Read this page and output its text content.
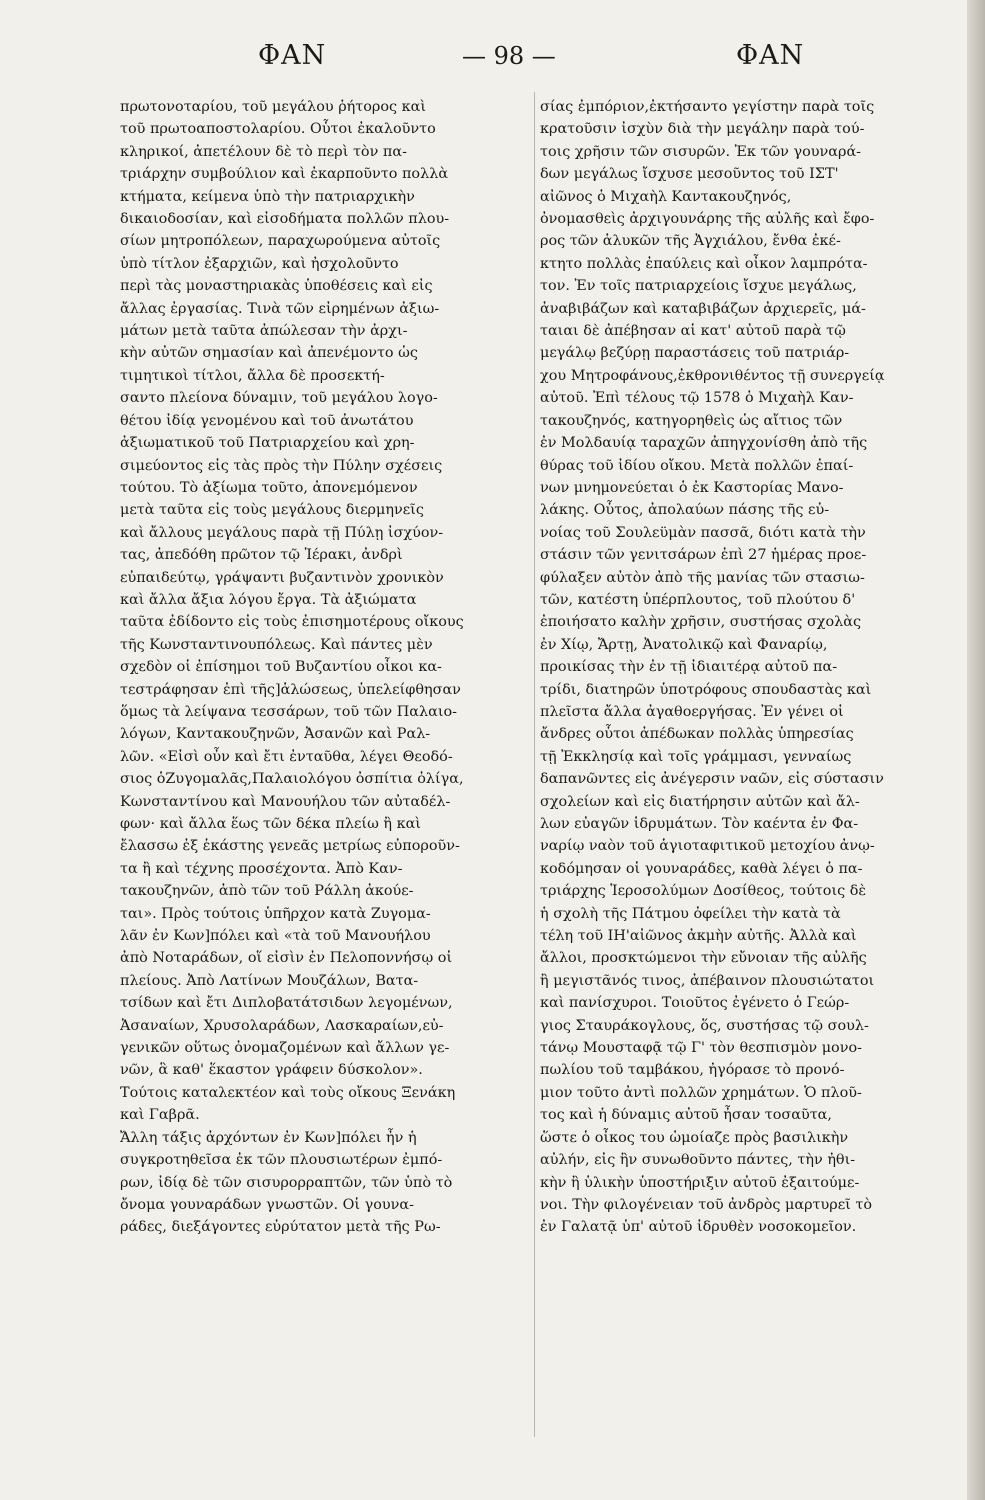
ΦΑΝ	— 98 —	ΦΑΝ
πρωτονοταρίου, τοῦ μεγάλου ῥήτορος καὶ
τοῦ πρωτοαποστολαρίου. Οὗτοι ἐκαλοῦντο
κληρικοί, ἀπετέλουν δὲ τὸ περὶ τὸν πα-
τριάρχην συμβούλιον καὶ ἐκαρποῦντο πολλὰ
κτήματα, κείμενα ὑπὸ τὴν πατριαρχικὴν
δικαιοδοσίαν, καὶ εἰσοδήματα πολλῶν πλου-
σίων μητροπόλεων, παραχωρούμενα αὐτοῖς
ὑπὸ τίτλον ἐξαρχιῶν, καὶ ἠσχολοῦντο
περὶ τὰς μοναστηριακὰς ὑποθέσεις καὶ εἰς
ἄλλας ἐργασίας. Τινὰ τῶν εἰρημένων ἀξιω-
μάτων μετὰ ταῦτα ἀπώλεσαν τὴν ἀρχι-
κὴν αὐτῶν σημασίαν καὶ ἀπενέμοντο ὡς
τιμητικοὶ τίτλοι, ἄλλα δὲ προσεκτή-
σαντο πλείονα δύναμιν, τοῦ μεγάλου λογο-
θέτου ἰδίᾳ γενομένου καὶ τοῦ ἀνωτάτου
ἀξιωματικοῦ τοῦ Πατριαρχείου καὶ χρη-
σιμεύοντος εἰς τὰς πρὸς τὴν Πύλην σχέσεις
τούτου. Τὸ ἀξίωμα τοῦτο, ἀπονεμόμενον
μετὰ ταῦτα εἰς τοὺς μεγάλους διερμηνεῖς
καὶ ἄλλους μεγάλους παρὰ τῇ Πύλῃ ἰσχύον-
τας, ἀπεδόθη πρῶτον τῷ Ἱέρακι, ἀνδρὶ
εὐπαιδεύτῳ, γράψαντι βυζαντινὸν χρονικὸν
καὶ ἄλλα ἄξια λόγου ἔργα. Τὰ ἀξιώματα
ταῦτα ἐδίδοντο εἰς τοὺς ἐπισημοτέρους οἴκους
τῆς Κωνσταντινουπόλεως. Καὶ πάντες μὲν
σχεδὸν οἱ ἐπίσημοι τοῦ Βυζαντίου οἶκοι κα-
τεστράφησαν ἐπὶ τῆς]ἁλώσεως, ὑπελείφθησαν
ὅμως τὰ λείψανα τεσσάρων, τοῦ τῶν Παλαιο-
λόγων, Καντακουζηνῶν, Ἀσανῶν καὶ Ραλ-
λῶν. «Εἰσὶ οὖν καὶ ἔτι ἐνταῦθα, λέγει Θεοδό-
σιος ὁΖυγομαλᾶς,Παλαιολόγου ὀσπίτια ὀλίγα,
Κωνσταντίνου καὶ Μανουήλου τῶν αὐταδέλ-
φων· καὶ ἄλλα ἕως τῶν δέκα πλείω ἢ καὶ
ἔλασσω ἐξ ἑκάστης γενεᾶς μετρίως εὐποροῦν-
τα ἢ καὶ τέχνης προσέχοντα. Ἀπὸ Καν-
τακουζηνῶν, ἀπὸ τῶν τοῦ Ράλλη ἀκούε-
ται». Πρὸς τούτοις ὑπῆρχον κατὰ Ζυγομα-
λᾶν ἐν Κων]πόλει καὶ «τὰ τοῦ Μανουήλου
ἀπὸ Νοταράδων, οἵ εἰσὶν ἐν Πελοποννήσῳ οἱ
πλείους. Ἀπὸ Λατίνων Μουζάλων, Βατα-
τσίδων καὶ ἔτι Διπλοβατάτσιδων λεγομένων,
Ἀσαναίων, Χρυσολαράδων, Λασκαραίων,εὐ-
γενικῶν οὕτως ὀνομαζομένων καὶ ἄλλων γε-
νῶν, ἃ καθ' ἕκαστον γράφειν δύσκολον».
Τούτοις καταλεκτέον καὶ τοὺς οἴκους Ξενάκη
καὶ Γαβρᾶ.
Ἄλλη τάξις ἀρχόντων ἐν Κων]πόλει ἦν ἡ
συγκροτηθεῖσα ἐκ τῶν πλουσιωτέρων ἐμπό-
ρων, ἰδίᾳ δὲ τῶν σισυρορραπτῶν, τῶν ὑπὸ τὸ
ὄνομα γουναράδων γνωστῶν. Οἱ γουνα-
ράδες, διεξάγοντες εὐρύτατον μετὰ τῆς Ρω-
σίας ἐμπόριον,ἐκτήσαντο γεγίστην παρὰ τοῖς
κρατοῦσιν ἰσχὺν διὰ τὴν μεγάλην παρὰ τού-
τοις χρῆσιν τῶν σισυρῶν. Ἐκ τῶν γουναρά-
δων μεγάλως ἴσχυσε μεσοῦντος τοῦ ΙΣΤ'
αἰῶνος ὁ Μιχαὴλ Καντακουζηνός,
ὀνομασθεὶς ἀρχιγουνάρης τῆς αὐλῆς καὶ ἔφο-
ρος τῶν ἁλυκῶν τῆς Ἀγχιάλου, ἔνθα ἐκέ-
κτητο πολλὰς ἐπαύλεις καὶ οἶκον λαμπρότα-
τον. Ἐν τοῖς πατριαρχείοις ἴσχυε μεγάλως,
ἀναβιβάζων καὶ καταβιβάζων ἀρχιερεῖς, μά-
ταιαι δὲ ἀπέβησαν αἱ κατ' αὐτοῦ παρὰ τῷ
μεγάλῳ βεζύρῃ παραστάσεις τοῦ πατριάρ-
χου Μητροφάνους,ἐκθρονιθέντος τῇ συνεργείᾳ
αὐτοῦ. Ἐπὶ τέλους τῷ 1578 ὁ Μιχαὴλ Καν-
τακουζηνός, κατηγορηθεὶς ὡς αἴτιος τῶν
ἐν Μολδαυίᾳ ταραχῶν ἀπηγχονίσθη ἀπὸ τῆς
θύρας τοῦ ἰδίου οἴκου. Μετὰ πολλῶν ἐπαί-
νων μνημονεύεται ὁ ἐκ Καστορίας Μανο-
λάκης. Οὗτος, ἀπολαύων πάσης τῆς εὐ-
νοίας τοῦ Σουλεϋμὰν πασσᾶ, διότι κατὰ τὴν
στάσιν τῶν γενιτσάρων ἐπὶ 27 ἡμέρας προε-
φύλαξεν αὐτὸν ἀπὸ τῆς μανίας τῶν στασιω-
τῶν, κατέστη ὑπέρπλουτος, τοῦ πλούτου δ'
ἐποιήσατο καλὴν χρῆσιν, συστήσας σχολὰς
ἐν Χίῳ, Ἄρτῃ, Ἀνατολικῷ καὶ Φαναρίῳ,
προικίσας τὴν ἐν τῇ ἰδιαιτέρᾳ αὐτοῦ πα-
τρίδι, διατηρῶν ὑποτρόφους σπουδαστὰς καὶ
πλεῖστα ἄλλα ἀγαθοεργήσας. Ἐν γένει οἱ
ἄνδρες οὗτοι ἀπέδωκαν πολλὰς ὑπηρεσίας
τῇ Ἐκκλησίᾳ καὶ τοῖς γράμμασι, γενναίως
δαπανῶντες εἰς ἀνέγερσιν ναῶν, εἰς σύστασιν
σχολείων καὶ εἰς διατήρησιν αὐτῶν καὶ ἄλ-
λων εὐαγῶν ἱδρυμάτων. Τὸν καέντα ἐν Φα-
ναρίῳ ναὸν τοῦ ἁγιοταφιτικοῦ μετοχίου ἀνῳ-
κοδόμησαν οἱ γουναράδες, καθὰ λέγει ὁ πα-
τριάρχης Ἱεροσολύμων Δοσίθεος, τούτοις δὲ
ἡ σχολὴ τῆς Πάτμου ὀφείλει τὴν κατὰ τὰ
τέλη τοῦ ΙΗ'αἰῶνος ἀκμὴν αὐτῆς. Ἀλλὰ καὶ
ἄλλοι, προσκτώμενοι τὴν εὔνοιαν τῆς αὐλῆς
ἢ μεγιστᾶνός τινος, ἀπέβαινον πλουσιώτατοι
καὶ πανίσχυροι. Τοιοῦτος ἐγένετο ὁ Γεώρ-
γιος Σταυράκογλους, ὅς, συστήσας τῷ σουλ-
τάνῳ Μουσταφᾷ τῷ Γ' τὸν θεσπισμὸν μονο-
πωλίου τοῦ ταμβάκου, ἠγόρασε τὸ προνό-
μιον τοῦτο ἀντὶ πολλῶν χρημάτων. Ὁ πλοῦ-
τος καὶ ἡ δύναμις αὐτοῦ ἦσαν τοσαῦτα,
ὥστε ὁ οἶκος του ὡμοίαζε πρὸς βασιλικὴν
αὐλήν, εἰς ἣν συνωθοῦντο πάντες, τὴν ἠθι-
κὴν ἢ ὑλικὴν ὑποστήριξιν αὐτοῦ ἐξαιτούμε-
νοι. Τὴν φιλογένειαν τοῦ ἀνδρὸς μαρτυρεῖ τὸ
ἐν Γαλατᾷ ὑπ' αὐτοῦ ἱδρυθὲν νοσοκομεῖον.
